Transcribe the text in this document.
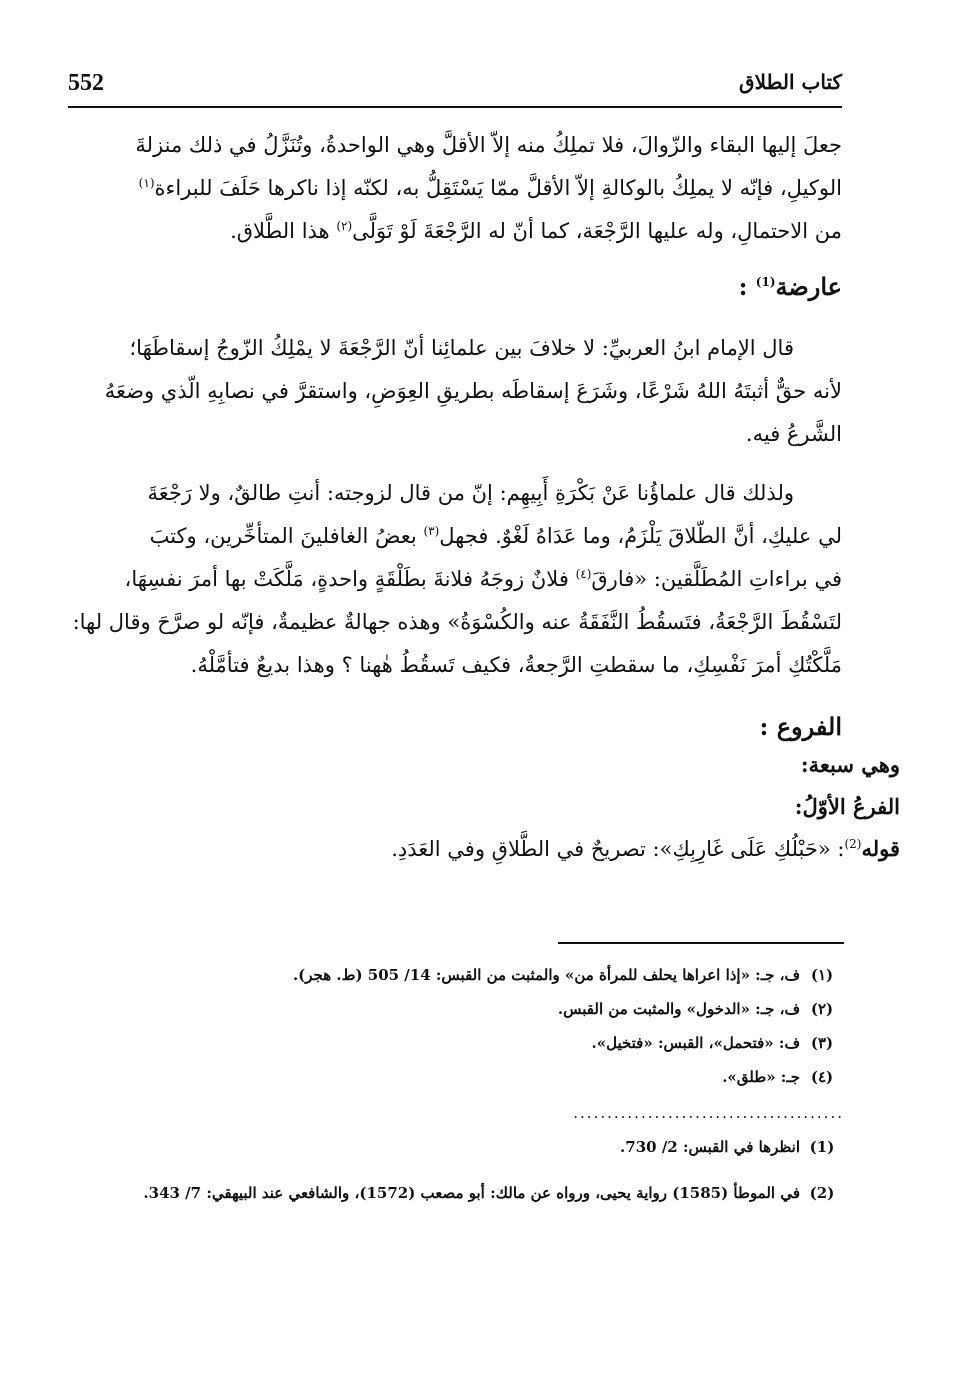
552	كتاب الطلاق
جعلَ إليها البقاء والزّوالَ، فلا تملِكُ منه إلاّ الأقلَّ وهي الواحدةُ، وتُنَزَّلُ في ذلك منزلةَ
الوكيلِ، فإنّه لا يملِكُ بالوكالةِ إلاّ الأقلَّ ممّا يَسْتَقِلُّ به، لكنّه إذا ناكرها حَلَفَ للبراءة$^{(١)}$
من الاحتمالِ، وله عليها الرَّجْعَة، كما أنّ له الرَّجْعَةَ لَوْ تَوَلَّى$^{(٢)}$ هذا الطَّلاق.
عارضة$^{(1)}$ :
قال الإمام ابنُ العربيِّ: لا خلافَ بين علمائِنا أنّ الرَّجْعَةَ لا يمْلِكُ الزّوجُ إسقاطَهَا؛
لأنه حقٌّ أثبتَهُ اللهُ شَرْعًا، وشَرَعَ إسقاطَه بطريقِ العِوَضِ، واستقرَّ في نصابِهِ الّذي وضعَهُ
الشَّرعُ فيه.
ولذلك قال علماؤُنا عَنْ بَكْرَةِ أَبِيهِم: إنّ من قال لزوجته: أنتِ طالقٌ، ولا رَجْعَةَ
لي عليكِ، أنَّ الطّلاقَ يَلْزَمُ، وما عَدَاهُ لَغْوٌ. فجهل$^{(٣)}$ بعضُ الغافلينَ المتأخِّرين، وكتبَ
في براءاتِ المُطَلَّقين: «فارقَ$^{(٤)}$ فلانٌ زوجَهُ فلانةَ بطَلْقَةٍ واحدةٍ، مَلَّكَتْ بها أمرَ نفسِهَا،
لتَسْقُطَ الرَّجْعَةُ، فتَسقُطُ النَّفَقَةُ عنه والكُسْوَةُ» وهذه جهالةٌ عظيمةٌ، فإنّه لو صرَّحَ وقال لها:
مَلَّكْتُكِ أمرَ نَفْسِكِ، ما سقطتِ الرَّجعةُ، فكيف تَسقُطُ هٰهنا ؟ وهذا بديعٌ فتأمَّلْهُ.
الفروع :
وهي سبعة:
الفرعُ الأوّلُ:
قوله$^{(2)}$: «حَبْلُكِ عَلَى غَارِبِكِ»: تصريحٌ في الطَّلاقِ وفي العَدَدِ.
(١)
ف، جـ: «إذا اعراها يحلف للمرأة من» والمثبت من القبس: 14/ 505 (ط. هجر).
(٢)
ف، جـ: «الدخول» والمثبت من القبس.
(٣)
ف: «فتحمل»، القبس: «فتخيل».
(٤)
جـ: «طلق».
........................................
(1)
انظرها في القبس: 2/ 730.
(2)
في الموطأ (1585) رواية يحيى، ورواه عن مالك: أبو مصعب (1572)، والشافعي عند البيهقي: 7/ 343.
